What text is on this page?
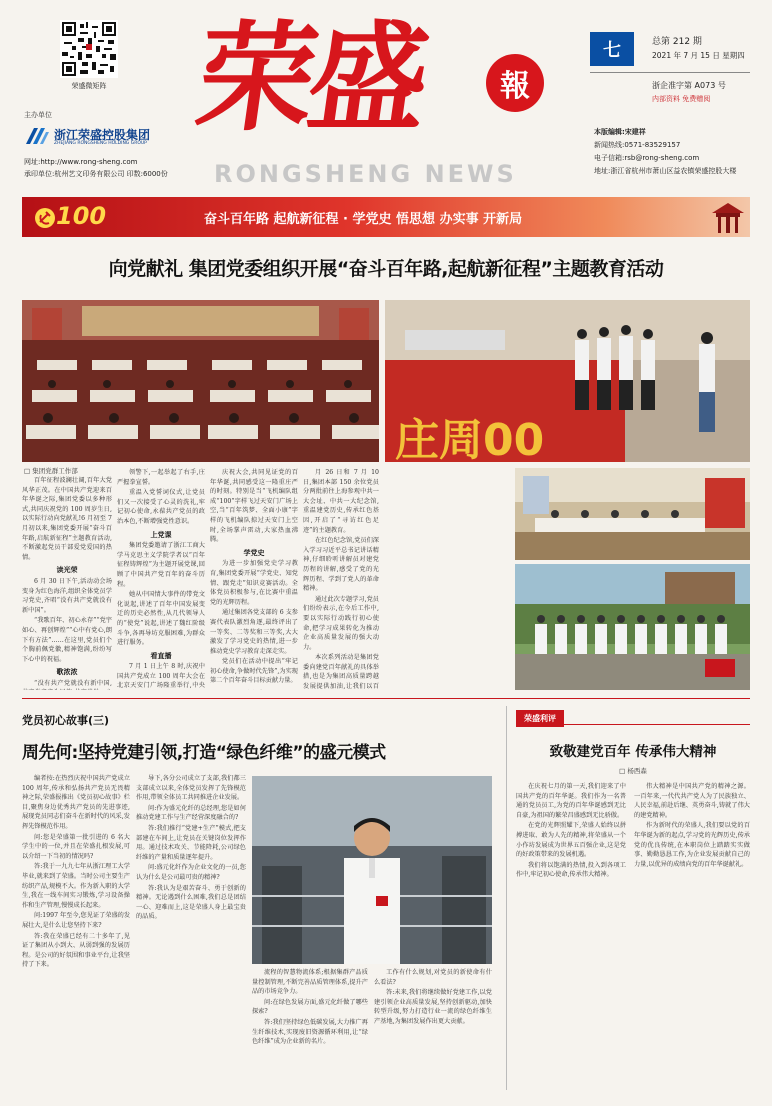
荣盛微矩阵
主办单位
浙江荣盛控股集团
ZHEJIANG RONGSHENG HOLDING GROUP
网址:http://www.rong-sheng.com
承印单位:杭州艺文印务有限公司 印数:6000份
荣盛 報
RONGSHENG NEWS
七	总第 212 期
2021 年 7 月 15 日 星期四
浙企准字第 A073 号
内部资料 免费赠阅
本版编辑:宋建祥
新闻热线:0571-83529157
电子信箱:rsb@rong-sheng.com
地址:浙江省杭州市萧山区益农镇荣盛控股大楼
100	奋斗百年路 起航新征程 · 学党史 悟思想 办实事 开新局
向党献礼 集团党委组织开展“奋斗百年路,起航新征程”主题教育活动
□ 集团党群工作部
庄周00

百年征程波澜壮阔,百年大党风华正茂。在中国共产党迎来百年华诞之际,集团党委以多种形式,共同庆祝党的 100 周岁生日,以实际行动向党献礼!6 月初至 7 月初以来,集团党委开展“奋斗百年路,启航新征程”主题教育活动,不断激起党员干部爱党爱国的热情。

读光荣

6 月 30 日下午,活动动会场变身为红色海洋,组织全体党员学习党史,齐唱“没有共产党就没有新中国”。

“我歌百年、初心永存”“党宇如心、再创辉煌”“心中有党心,朗下有方法”……在这里,党员们个个胸前佩党徽,精神饱满,纷纷写下心中的祝福。

歌浓浓

“没有共产党就没有新中国,

领警下,一起举起了右手,庄严握拳宣誓。

重温入党誓词仪式,让党员们又一次接受了心灵的洗礼,牢记初心使命,永葆共产党员的政治本色,不断增强党性意识。

上党课

集团党委邀请了浙江工商大学马克思主义学院学者以“百年征程铸辉煌”为主题开展党课,回顾了中国共产党百年的奋斗历程。

她从中国情大事件的带党文化说起,讲述了百年中国发展变迁的历史必然性,从几代领导人的“使党”说起,讲述了魏红阶级斗争,各再导坊克服困难,为群众进行服务。

看直播

7 月 1 日上午 8 时,庆祝中国共产党成立 100 周年大会在北京天安门广场隆重举行,中央

庆祝大会,共同见证党的百年华诞,共同感受这一隆重庄严的时刻。特别是当“飞机编队组成“100”字样飞过天安门广场上空,当“百年筑梦、全面小康”字样的飞机编队掠过天安门上空时,全场掌声雷动,大家热血沸腾。

学党史

为进一步加强党史学习教育,集团党委开展“学党史、知党情、跟党走”知识竞赛活动。全体党员积极参与,在比赛中重温党的光辉历程。

通过集团各党支部的 6 支参赛代表队激烈角逐,最终评出了一等奖、二等奖和三等奖,大大激发了学习党史的热情,进一步推动党史学习教育走深走实。

党员们在活动中提出“牢记初心使命,争做时代先锋”,为实现第二个百年奋斗目标贡献力量。

月 26 日和 7 月 10 日,集团本部 150 余位党员分两批前往上海参观中共一大会址、中共一大纪念馆,重温建党历史,传承红色基因,开启了“寻访红色足迹”的主题教育。

在红色纪念馆,党员们深入学习习近平总书记讲话精神,仔细聆听讲解员对建党历程的讲解,感受了党的光辉历程、学到了党人的革命精神。

通过此次专题学习,党员们纷纷表示,在今后工作中,要以实际行动践行初心使命,把学习成果转化为推动企业高质量发展的强大动力。

本次系列活动是集团党委向建党百年献礼的具体举措,也是为集团高质量跨越发展提供加油,让我们以百

党员初心故事(三)
周先何:坚持党建引领,打造“绿色纤维”的盛元模式

编者按:在热烈庆祝中国共产党成立 100 周年,传承和弘扬共产党员无畏精神之际,荣盛报推出《党员初心故事》栏目,聚焦身边优秀共产党员的先进事迹,展现党员同志们奋斗在新时代的风采,发挥先锋模范作用。

问:您是荣盛第一批引进的 6 名大学生中的一位,并且在荣盛扎根发展,可以介绍一下当初的情况吗?

答:我于一九九七年从浙江理工大学毕业,就来到了荣盛。当时公司主要生产纺织产品,规模不大。作为新入职的大学生,我在一线车间实习锻炼,学习设备操作和生产管理,慢慢成长起来。

问:1997 年至今,您见证了荣盛的发展壮大,是什么让您坚持下来?

答:我在荣盛已经有二十多年了,见证了集团从小到大、从弱到强的发展历程。是公司的好氛围和事业平台,让我坚持了下来。

导下,各分公司成立了支部,我们都三支部成立以来,全体党员发挥了先锋模范作用,带领全体员工共同推进企业发展。

问:作为盛元化纤的总经理,您是如何推动党建工作与生产经营深度融合的?

答:我们推行“党建+生产”模式,把支部建在车间上,让党员在关键岗位发挥作用。通过技术攻关、节能降耗,公司绿色纤维的产量和质量逐年提升。

问:盛元化纤作为企业文化的一员,您认为什么是公司最可贵的精神?

答:我认为是艰苦奋斗、勇于创新的精神。无论遇到什么困难,我们总是团结一心、迎难而上,这是荣盛人身上最宝贵的品质。

流程的智慧物流体系;根据集群产品质量控制管理,不断完善品质管理体系,提升产品的市场竞争力。

问:在绿色发展方面,盛元化纤做了哪些探索?

答:我们坚持绿色低碳发展,大力推广再生纤维技术,实现废旧资源循环利用,让“绿色纤维”成为企业新的名片。

工作有什么规划,对党员的新使命有什么看法?

答:未来,我们将继续做好党建工作,以党建引领企业高质量发展,坚持创新驱动,加快转型升级,努力打造行业一流的绿色纤维生产基地,为集团发展作出更大贡献。

荣盛利评
致敬建党百年 传承伟大精神
□ 杨西森

在庆祝七月的第一天,我们迎来了中国共产党的百年华诞。我们作为一名普通的党员员工,为党的百年华诞感到无比自豪,为祖国的繁荣昌盛感到无比骄傲。

在党的光辉照耀下,荣盛人始终以拼搏进取、敢为人先的精神,将荣盛从一个小作坊发展成为世界五百强企业,这是党的好政策带来的发展机遇。

我们将以饱满的热情,投入到各项工作中,牢记初心使命,传承伟大精神。

伟大精神是中国共产党的精神之源。一百年来,一代代共产党人为了民族独立、人民幸福,前赴后继、英勇奋斗,铸就了伟大的建党精神。

作为新时代的荣盛人,我们要以党的百年华诞为新的起点,学习党的光辉历史,传承党的优良传统,在本职岗位上踏踏实实做事、勤勤恳恳工作,为企业发展贡献自己的力量,以优异的成绩向党的百年华诞献礼。
